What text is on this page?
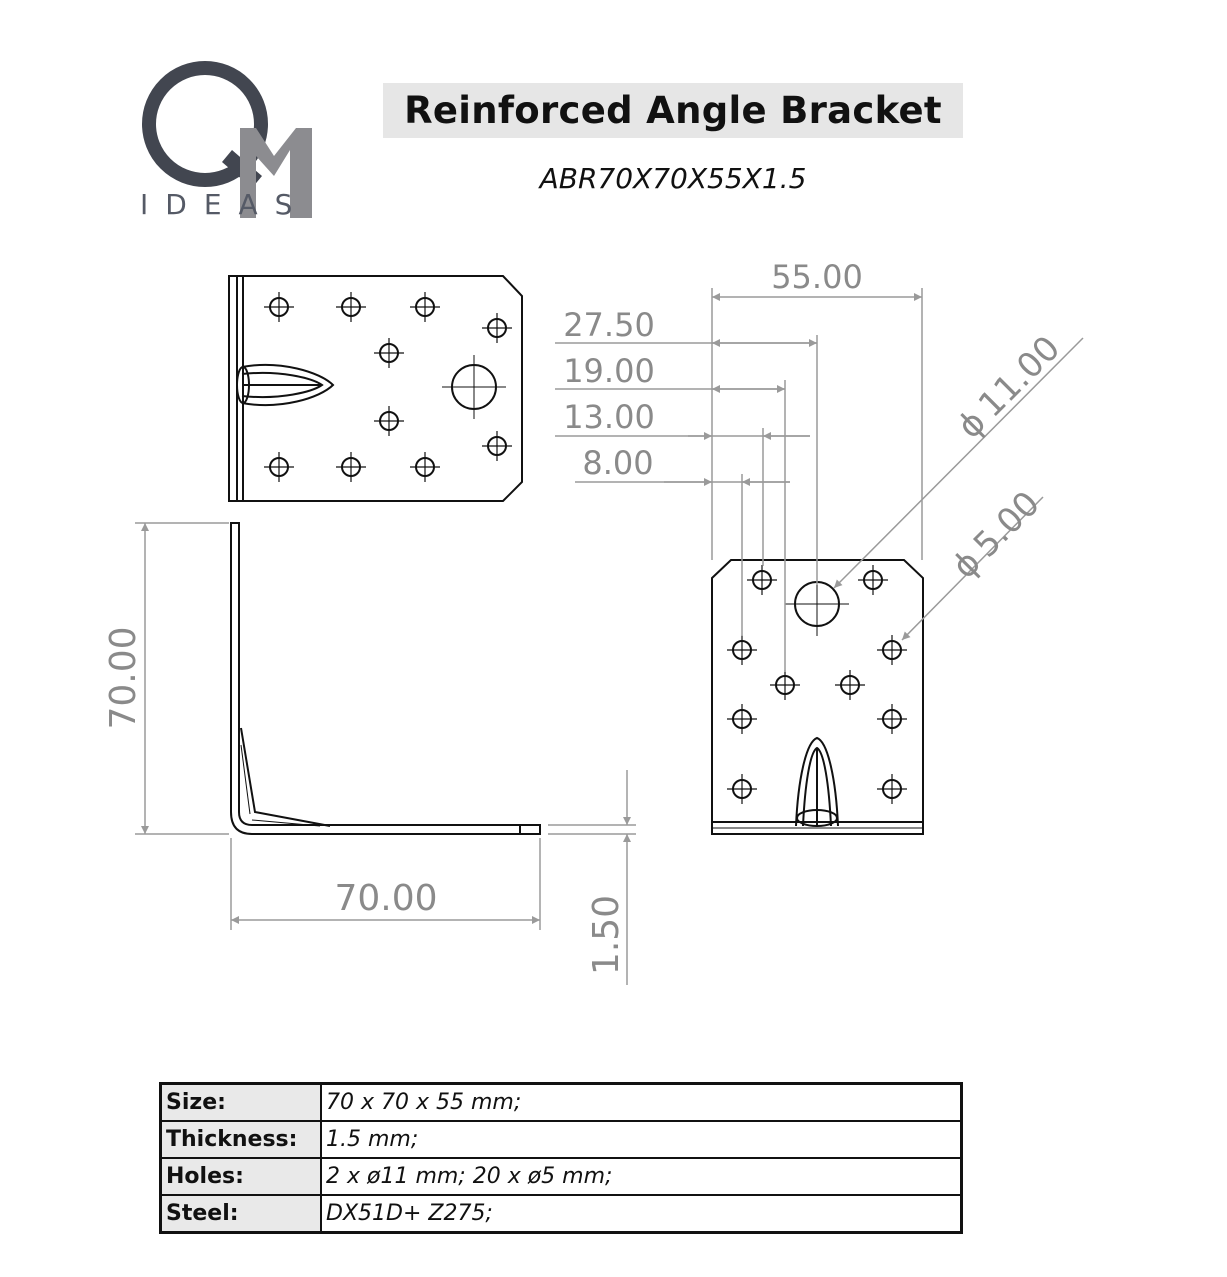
55.00
27.50
19.00
13.00
8.00
ϕ
11.00
ϕ
5.00
70.00
70.00	1.50
Reinforced Angle Bracket
ABR70X70X55X1.5
IDEAS
Size:	70 x 70 x 55 mm;
Thickness:	1.5 mm;
Holes:	2 x ø11 mm; 20 x ø5 mm;
Steel:	DX51D+ Z275;
